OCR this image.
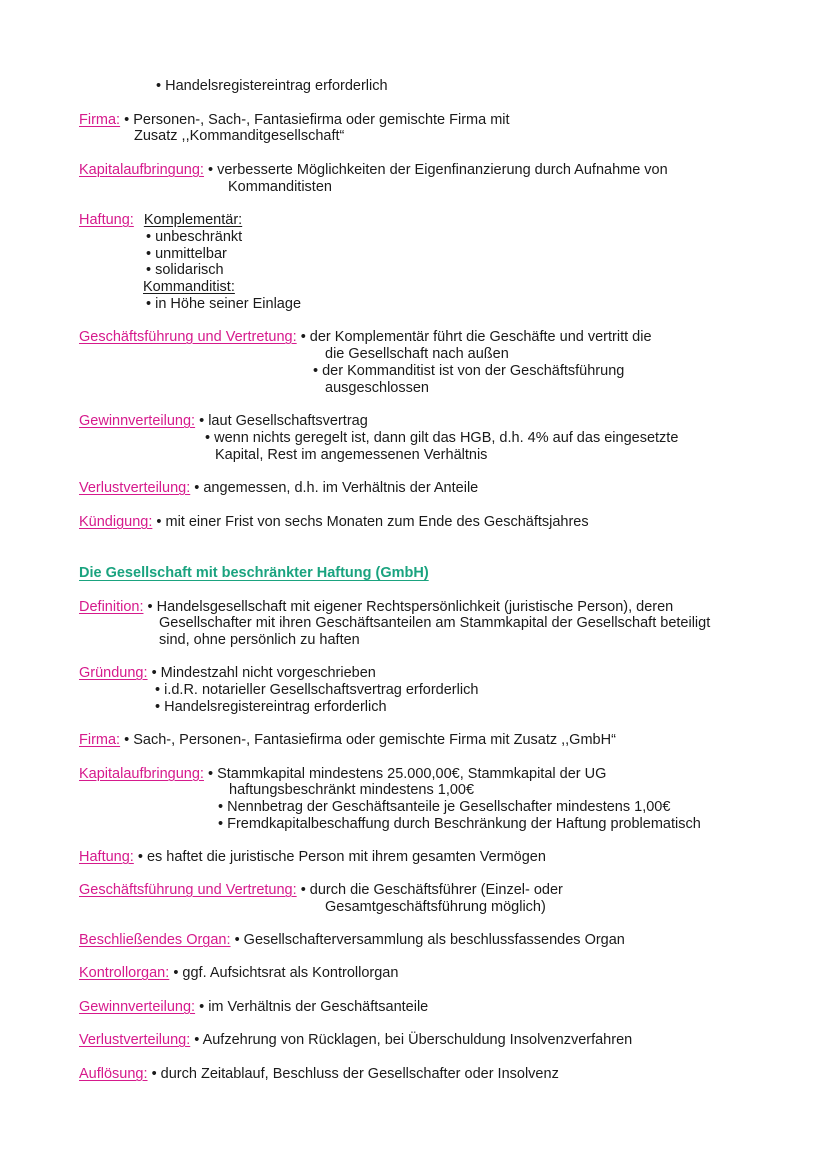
• Handelsregistereintrag erforderlich
Firma: • Personen-, Sach-, Fantasiefirma oder gemischte Firma mit
Zusatz ,,Kommanditgesellschaft“
Kapitalaufbringung: • verbesserte Möglichkeiten der Eigenfinanzierung durch Aufnahme von
Kommanditisten
Haftung: Komplementär:
• unbeschränkt
• unmittelbar
• solidarisch
Kommanditist:
• in Höhe seiner Einlage
Geschäftsführung und Vertretung: • der Komplementär führt die Geschäfte und vertritt die
die Gesellschaft nach außen
• der Kommanditist ist von der Geschäftsführung
ausgeschlossen
Gewinnverteilung: • laut Gesellschaftsvertrag
• wenn nichts geregelt ist, dann gilt das HGB, d.h. 4% auf das eingesetzte
Kapital, Rest im angemessenen Verhältnis
Verlustverteilung: • angemessen, d.h. im Verhältnis der Anteile
Kündigung: • mit einer Frist von sechs Monaten zum Ende des Geschäftsjahres
Die Gesellschaft mit beschränkter Haftung (GmbH)
Definition: • Handelsgesellschaft mit eigener Rechtspersönlichkeit (juristische Person), deren
Gesellschafter mit ihren Geschäftsanteilen am Stammkapital der Gesellschaft beteiligt
sind, ohne persönlich zu haften
Gründung: • Mindestzahl nicht vorgeschrieben
• i.d.R. notarieller Gesellschaftsvertrag erforderlich
• Handelsregistereintrag erforderlich
Firma: • Sach-, Personen-, Fantasiefirma oder gemischte Firma mit Zusatz ,,GmbH“
Kapitalaufbringung: • Stammkapital mindestens 25.000,00€, Stammkapital der UG
haftungsbeschränkt mindestens 1,00€
• Nennbetrag der Geschäftsanteile je Gesellschafter mindestens 1,00€
• Fremdkapitalbeschaffung durch Beschränkung der Haftung problematisch
Haftung: • es haftet die juristische Person mit ihrem gesamten Vermögen
Geschäftsführung und Vertretung: • durch die Geschäftsführer (Einzel- oder
Gesamtgeschäftsführung möglich)
Beschließendes Organ: • Gesellschafterversammlung als beschlussfassendes Organ
Kontrollorgan: • ggf. Aufsichtsrat als Kontrollorgan
Gewinnverteilung: • im Verhältnis der Geschäftsanteile
Verlustverteilung: • Aufzehrung von Rücklagen, bei Überschuldung Insolvenzverfahren
Auflösung: • durch Zeitablauf, Beschluss der Gesellschafter oder Insolvenz
